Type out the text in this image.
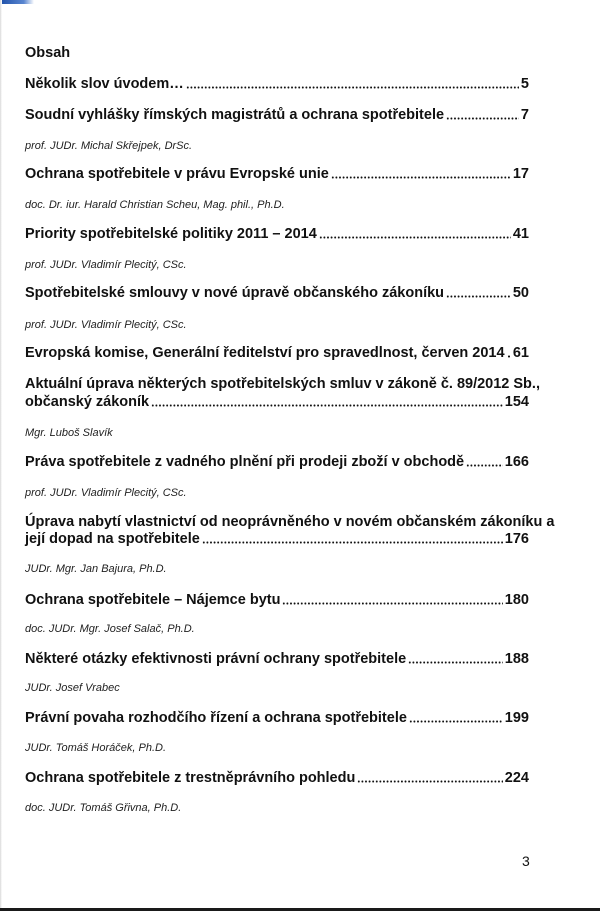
Obsah
Několik slov úvodem…	5
Soudní vyhlášky římských magistrátů a ochrana spotřebitele	7
prof. JUDr. Michal Skřejpek, DrSc.
Ochrana spotřebitele v právu Evropské unie	17
doc. Dr. iur. Harald Christian Scheu, Mag. phil., Ph.D.
Priority spotřebitelské politiky 2011 – 2014	41
prof. JUDr. Vladimír Plecitý, CSc.
Spotřebitelské smlouvy v nové úpravě občanského zákoníku	50
prof. JUDr. Vladimír Plecitý, CSc.
Evropská komise, Generální ředitelství pro spravedlnost, červen 2014 61
Aktuální úprava některých spotřebitelských smluv v zákoně č. 89/2012 Sb.,
občanský zákoník	154
Mgr. Luboš Slavík
Práva spotřebitele z vadného plnění při prodeji zboží v obchodě	166
prof. JUDr. Vladimír Plecitý, CSc.
Úprava nabytí vlastnictví od neoprávněného v novém občanském zákoníku a
její dopad na spotřebitele	176
JUDr. Mgr. Jan Bajura, Ph.D.
Ochrana spotřebitele – Nájemce bytu	180
doc. JUDr. Mgr. Josef Salač, Ph.D.
Některé otázky efektivnosti právní ochrany spotřebitele	188
JUDr. Josef Vrabec
Právní povaha rozhodčího řízení a ochrana spotřebitele	199
JUDr. Tomáš Horáček, Ph.D.
Ochrana spotřebitele z trestněprávního pohledu	224
doc. JUDr. Tomáš Gřivna, Ph.D.
3
